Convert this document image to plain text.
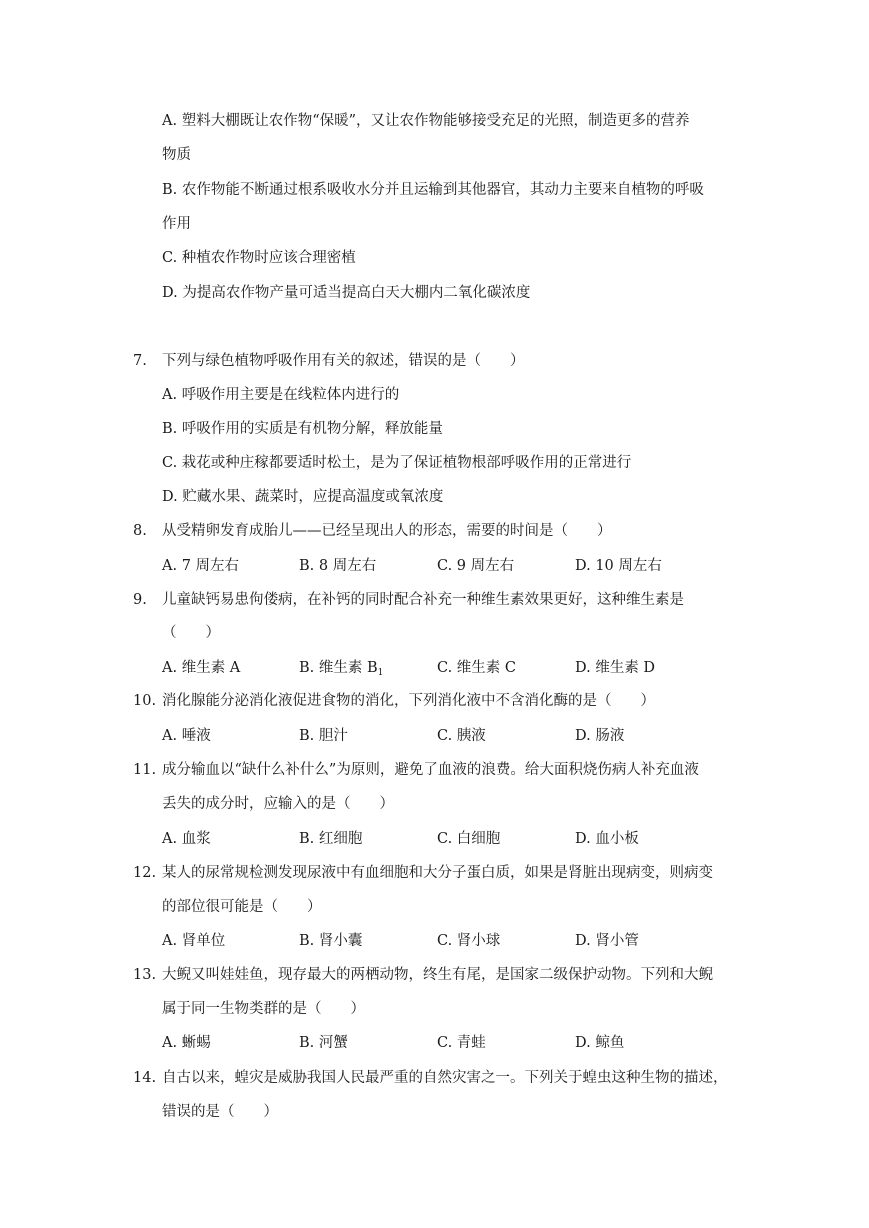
A. 塑料大棚既让农作物“保暖”，又让农作物能够接受充足的光照，制造更多的营养
物质
B. 农作物能不断通过根系吸收水分并且运输到其他器官，其动力主要来自植物的呼吸
作用
C. 种植农作物时应该合理密植
D. 为提高农作物产量可适当提高白天大棚内二氧化碳浓度
7. 下列与绿色植物呼吸作用有关的叙述，错误的是（　　）
A. 呼吸作用主要是在线粒体内进行的
B. 呼吸作用的实质是有机物分解，释放能量
C. 栽花或种庄稼都要适时松土，是为了保证植物根部呼吸作用的正常进行
D. 贮藏水果、蔬菜时，应提高温度或氧浓度
8. 从受精卵发育成胎儿——已经呈现出人的形态，需要的时间是（　　）
A. 7 周左右	B. 8 周左右	C. 9 周左右	D. 10 周左右
9. 儿童缺钙易患佝偻病，在补钙的同时配合补充一种维生素效果更好，这种维生素是
（　　）
A. 维生素 A	B. 维生素 $B_1$	C. 维生素 C	D. 维生素 D
10. 消化腺能分泌消化液促进食物的消化，下列消化液中不含消化酶的是（　　）
A. 唾液	B. 胆汁	C. 胰液	D. 肠液
11. 成分输血以“缺什么补什么”为原则，避免了血液的浪费。给大面积烧伤病人补充血液
丢失的成分时，应输入的是（　　）
A. 血浆	B. 红细胞	C. 白细胞	D. 血小板
12. 某人的尿常规检测发现尿液中有血细胞和大分子蛋白质，如果是肾脏出现病变，则病变
的部位很可能是（　　）
A. 肾单位	B. 肾小囊	C. 肾小球	D. 肾小管
13. 大鲵又叫娃娃鱼，现存最大的两栖动物，终生有尾，是国家二级保护动物。下列和大鲵
属于同一生物类群的是（　　）
A. 蜥蜴	B. 河蟹	C. 青蛙	D. 鲸鱼
14. 自古以来，蝗灾是威胁我国人民最严重的自然灾害之一。下列关于蝗虫这种生物的描述，
错误的是（　　）
